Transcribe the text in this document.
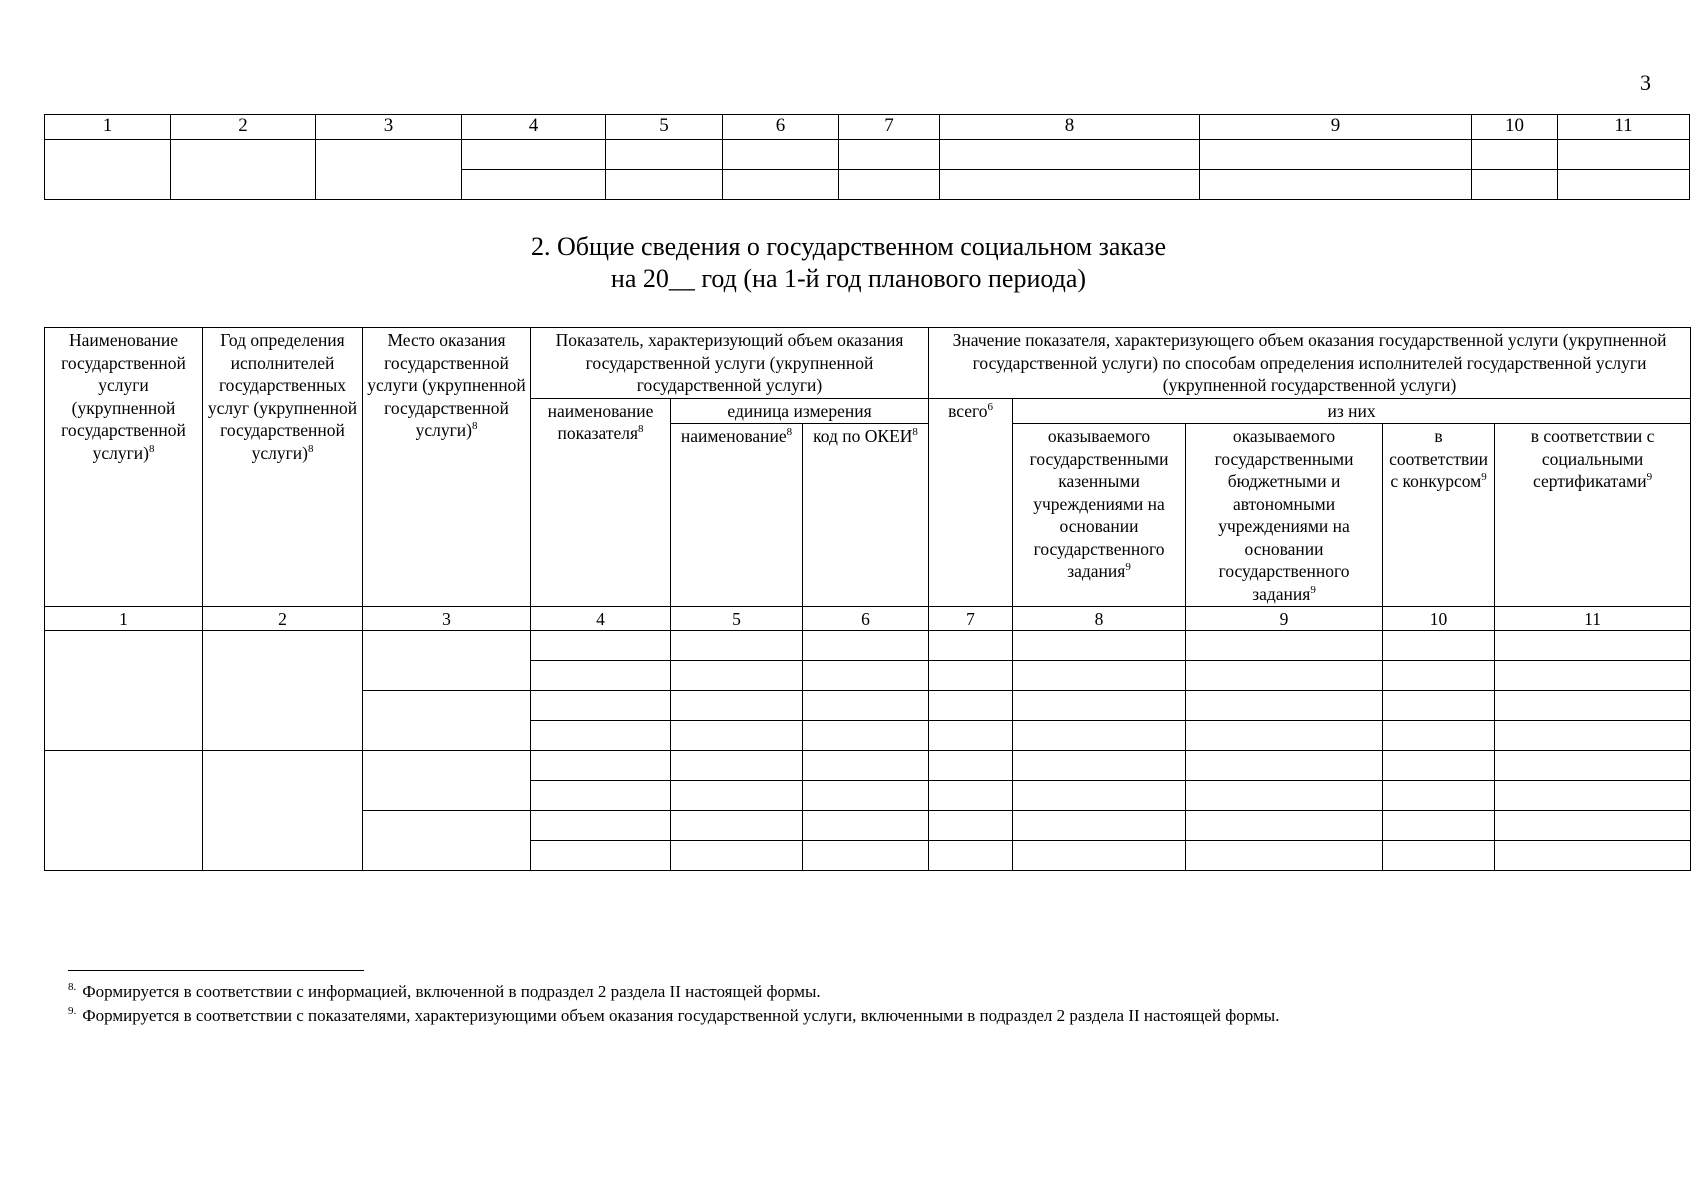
3
1	2	3	4	5	6	7	8	9	10	11

2. Общие сведения о государственном социальном заказе
на 20__ год (на 1-й год планового периода)
Наименование государственной услуги (укрупненной государственной услуги)$^8$	Год определения исполнителей государственных услуг (укрупненной государственной услуги)$^8$	Место оказания государственной услуги (укрупненной государственной услуги)$^8$	Показатель, характеризующий объем оказания государственной услуги (укрупненной государственной услуги)			Значение показателя, характеризующего объем оказания государственной услуги (укрупненной государственной услуги) по способам определения исполнителей государственной услуги (укрупненной государственной услуги)				
			наименование показателя$^8$	единица измерения		всего$^6$	из них			
				наименование$^8$	код по ОКЕИ$^8$		оказываемого государственными казенными учреждениями на основании государственного задания$^9$	оказываемого государственными бюджетными и автономными учреждениями на основании государственного задания$^9$	в соответствии с конкурсом$^9$	в соответствии с социальными сертификатами$^9$
1	2	3	4	5	6	7	8	9	10	11

$^{8.}$ Формируется в соответствии с информацией, включенной в подраздел 2 раздела II настоящей формы.
$^{9.}$ Формируется в соответствии с показателями, характеризующими объем оказания государственной услуги, включенными в подраздел 2 раздела II настоящей формы.
